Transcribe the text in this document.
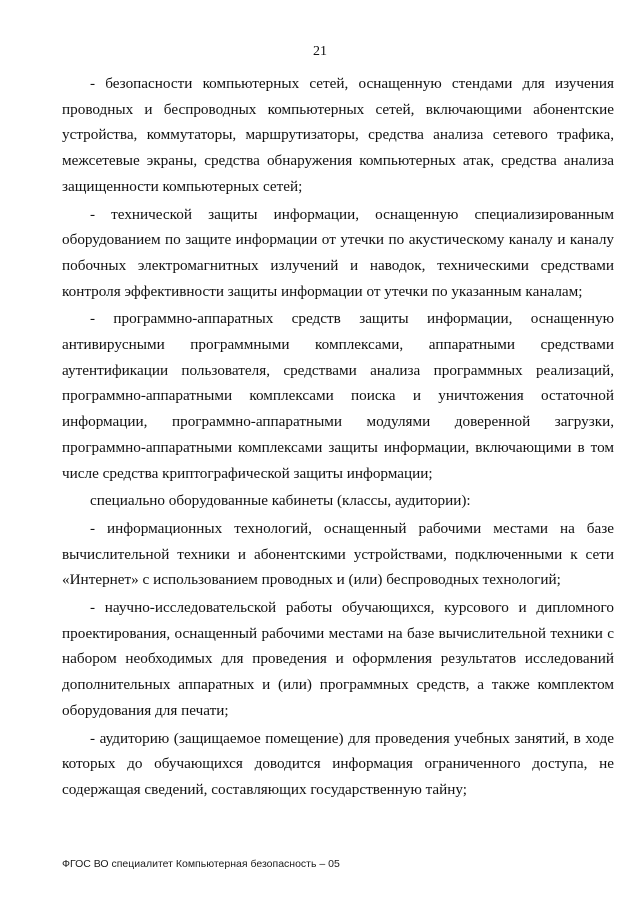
21

- безопасности компьютерных сетей, оснащенную стендами для изучения проводных и беспроводных компьютерных сетей, включающими абонентские устройства, коммутаторы, маршрутизаторы, средства анализа сетевого трафика, межсетевые экраны, средства обнаружения компьютерных атак, средства анализа защищенности компьютерных сетей;

- технической защиты информации, оснащенную специализированным оборудованием по защите информации от утечки по акустическому каналу и каналу побочных электромагнитных излучений и наводок, техническими средствами контроля эффективности защиты информации от утечки по указанным каналам;

- программно-аппаратных средств защиты информации, оснащенную антивирусными программными комплексами, аппаратными средствами аутентификации пользователя, средствами анализа программных реализаций, программно-аппаратными комплексами поиска и уничтожения остаточной информации, программно-аппаратными модулями доверенной загрузки, программно-аппаратными комплексами защиты информации, включающими в том числе средства криптографической защиты информации;

специально оборудованные кабинеты (классы, аудитории):

- информационных технологий, оснащенный рабочими местами на базе вычислительной техники и абонентскими устройствами, подключенными к сети «Интернет» с использованием проводных и (или) беспроводных технологий;

- научно-исследовательской работы обучающихся, курсового и дипломного проектирования, оснащенный рабочими местами на базе вычислительной техники с набором необходимых для проведения и оформления результатов исследований дополнительных аппаратных и (или) программных средств, а также комплектом оборудования для печати;

- аудиторию (защищаемое помещение) для проведения учебных занятий, в ходе которых до обучающихся доводится информация ограниченного доступа, не содержащая сведений, составляющих государственную тайну;

ФГОС ВО специалитет Компьютерная безопасность – 05
